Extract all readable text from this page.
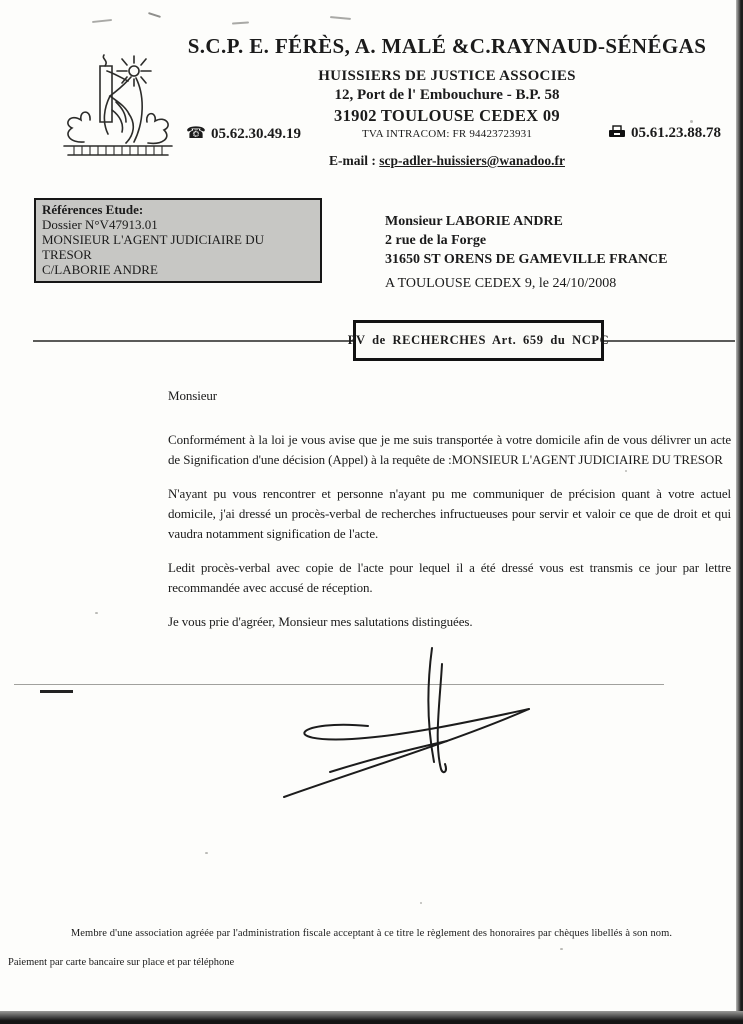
S.C.P. E. FÉRÈS, A. MALÉ &C.RAYNAUD-SÉNÉGAS
HUISSIERS DE JUSTICE ASSOCIES
12, Port de l' Embouchure - B.P. 58
31902 TOULOUSE CEDEX 09
TVA INTRACOM: FR 94423723931
☎ 05.62.30.49.19	05.61.23.88.78
E-mail : scp-adler-huissiers@wanadoo.fr
Références Etude:
Dossier N°V47913.01
MONSIEUR L'AGENT JUDICIAIRE DU TRESOR
C/LABORIE ANDRE
Monsieur LABORIE ANDRE
2 rue de la Forge
31650 ST ORENS DE GAMEVILLE FRANCE
A TOULOUSE CEDEX 9, le 24/10/2008
PV de RECHERCHES Art. 659 du NCPC
Monsieur

Conformément à la loi je vous avise que je me suis transportée à votre domicile afin de vous délivrer un acte de Signification d'une décision (Appel) à la requête de :MONSIEUR L'AGENT JUDICIAIRE DU TRESOR

N'ayant pu vous rencontrer et personne n'ayant pu me communiquer de précision quant à votre actuel domicile, j'ai dressé un procès-verbal de recherches infructueuses pour servir et valoir ce que de droit et qui vaudra notamment signification de l'acte.

Ledit procès-verbal avec copie de l'acte pour lequel il a été dressé vous est transmis ce jour par lettre recommandée avec accusé de réception.

Je vous prie d'agréer, Monsieur mes salutations distinguées.
Membre d'une association agréée par l'administration fiscale acceptant à ce titre le règlement des honoraires par chèques libellés à son nom.
Paiement par carte bancaire sur place et par téléphone
